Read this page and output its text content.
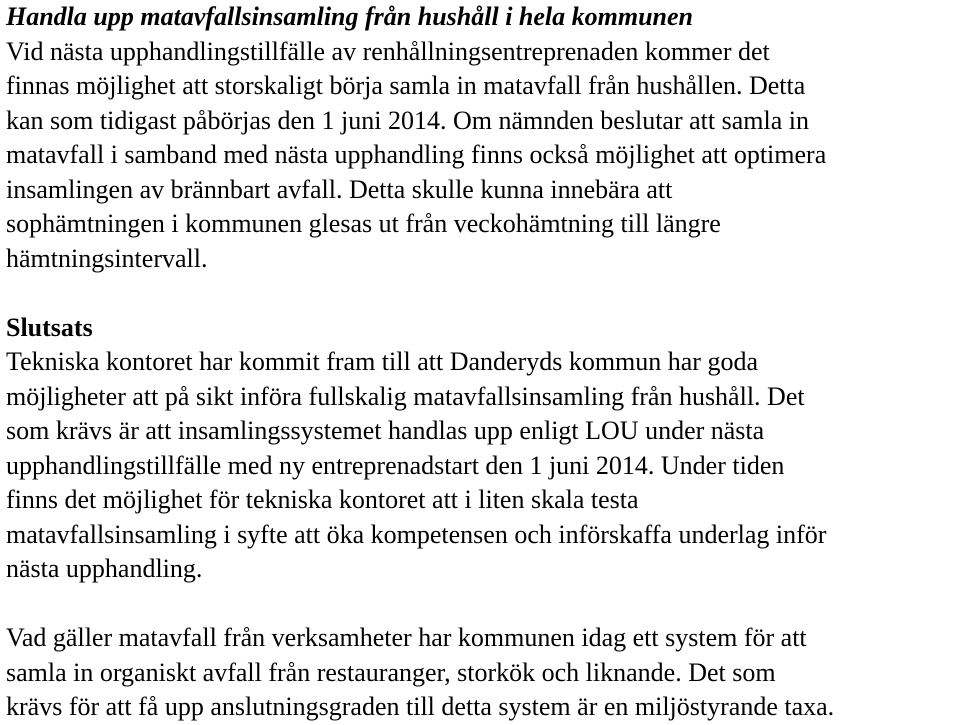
Handla upp matavfallsinsamling från hushåll i hela kommunen

Vid nästa upphandlingstillfälle av renhållningsentreprenaden kommer det
finnas möjlighet att storskaligt börja samla in matavfall från hushållen. Detta
kan som tidigast påbörjas den 1 juni 2014. Om nämnden beslutar att samla in
matavfall i samband med nästa upphandling finns också möjlighet att optimera
insamlingen av brännbart avfall. Detta skulle kunna innebära att
sophämtningen i kommunen glesas ut från veckohämtning till längre
hämtningsintervall.

Slutsats

Tekniska kontoret har kommit fram till att Danderyds kommun har goda
möjligheter att på sikt införa fullskalig matavfallsinsamling från hushåll. Det
som krävs är att insamlingssystemet handlas upp enligt LOU under nästa
upphandlingstillfälle med ny entreprenadstart den 1 juni 2014. Under tiden
finns det möjlighet för tekniska kontoret att i liten skala testa
matavfallsinsamling i syfte att öka kompetensen och införskaffa underlag inför
nästa upphandling.

Vad gäller matavfall från verksamheter har kommunen idag ett system för att
samla in organiskt avfall från restauranger, storkök och liknande. Det som
krävs för att få upp anslutningsgraden till detta system är en miljöstyrande taxa.
